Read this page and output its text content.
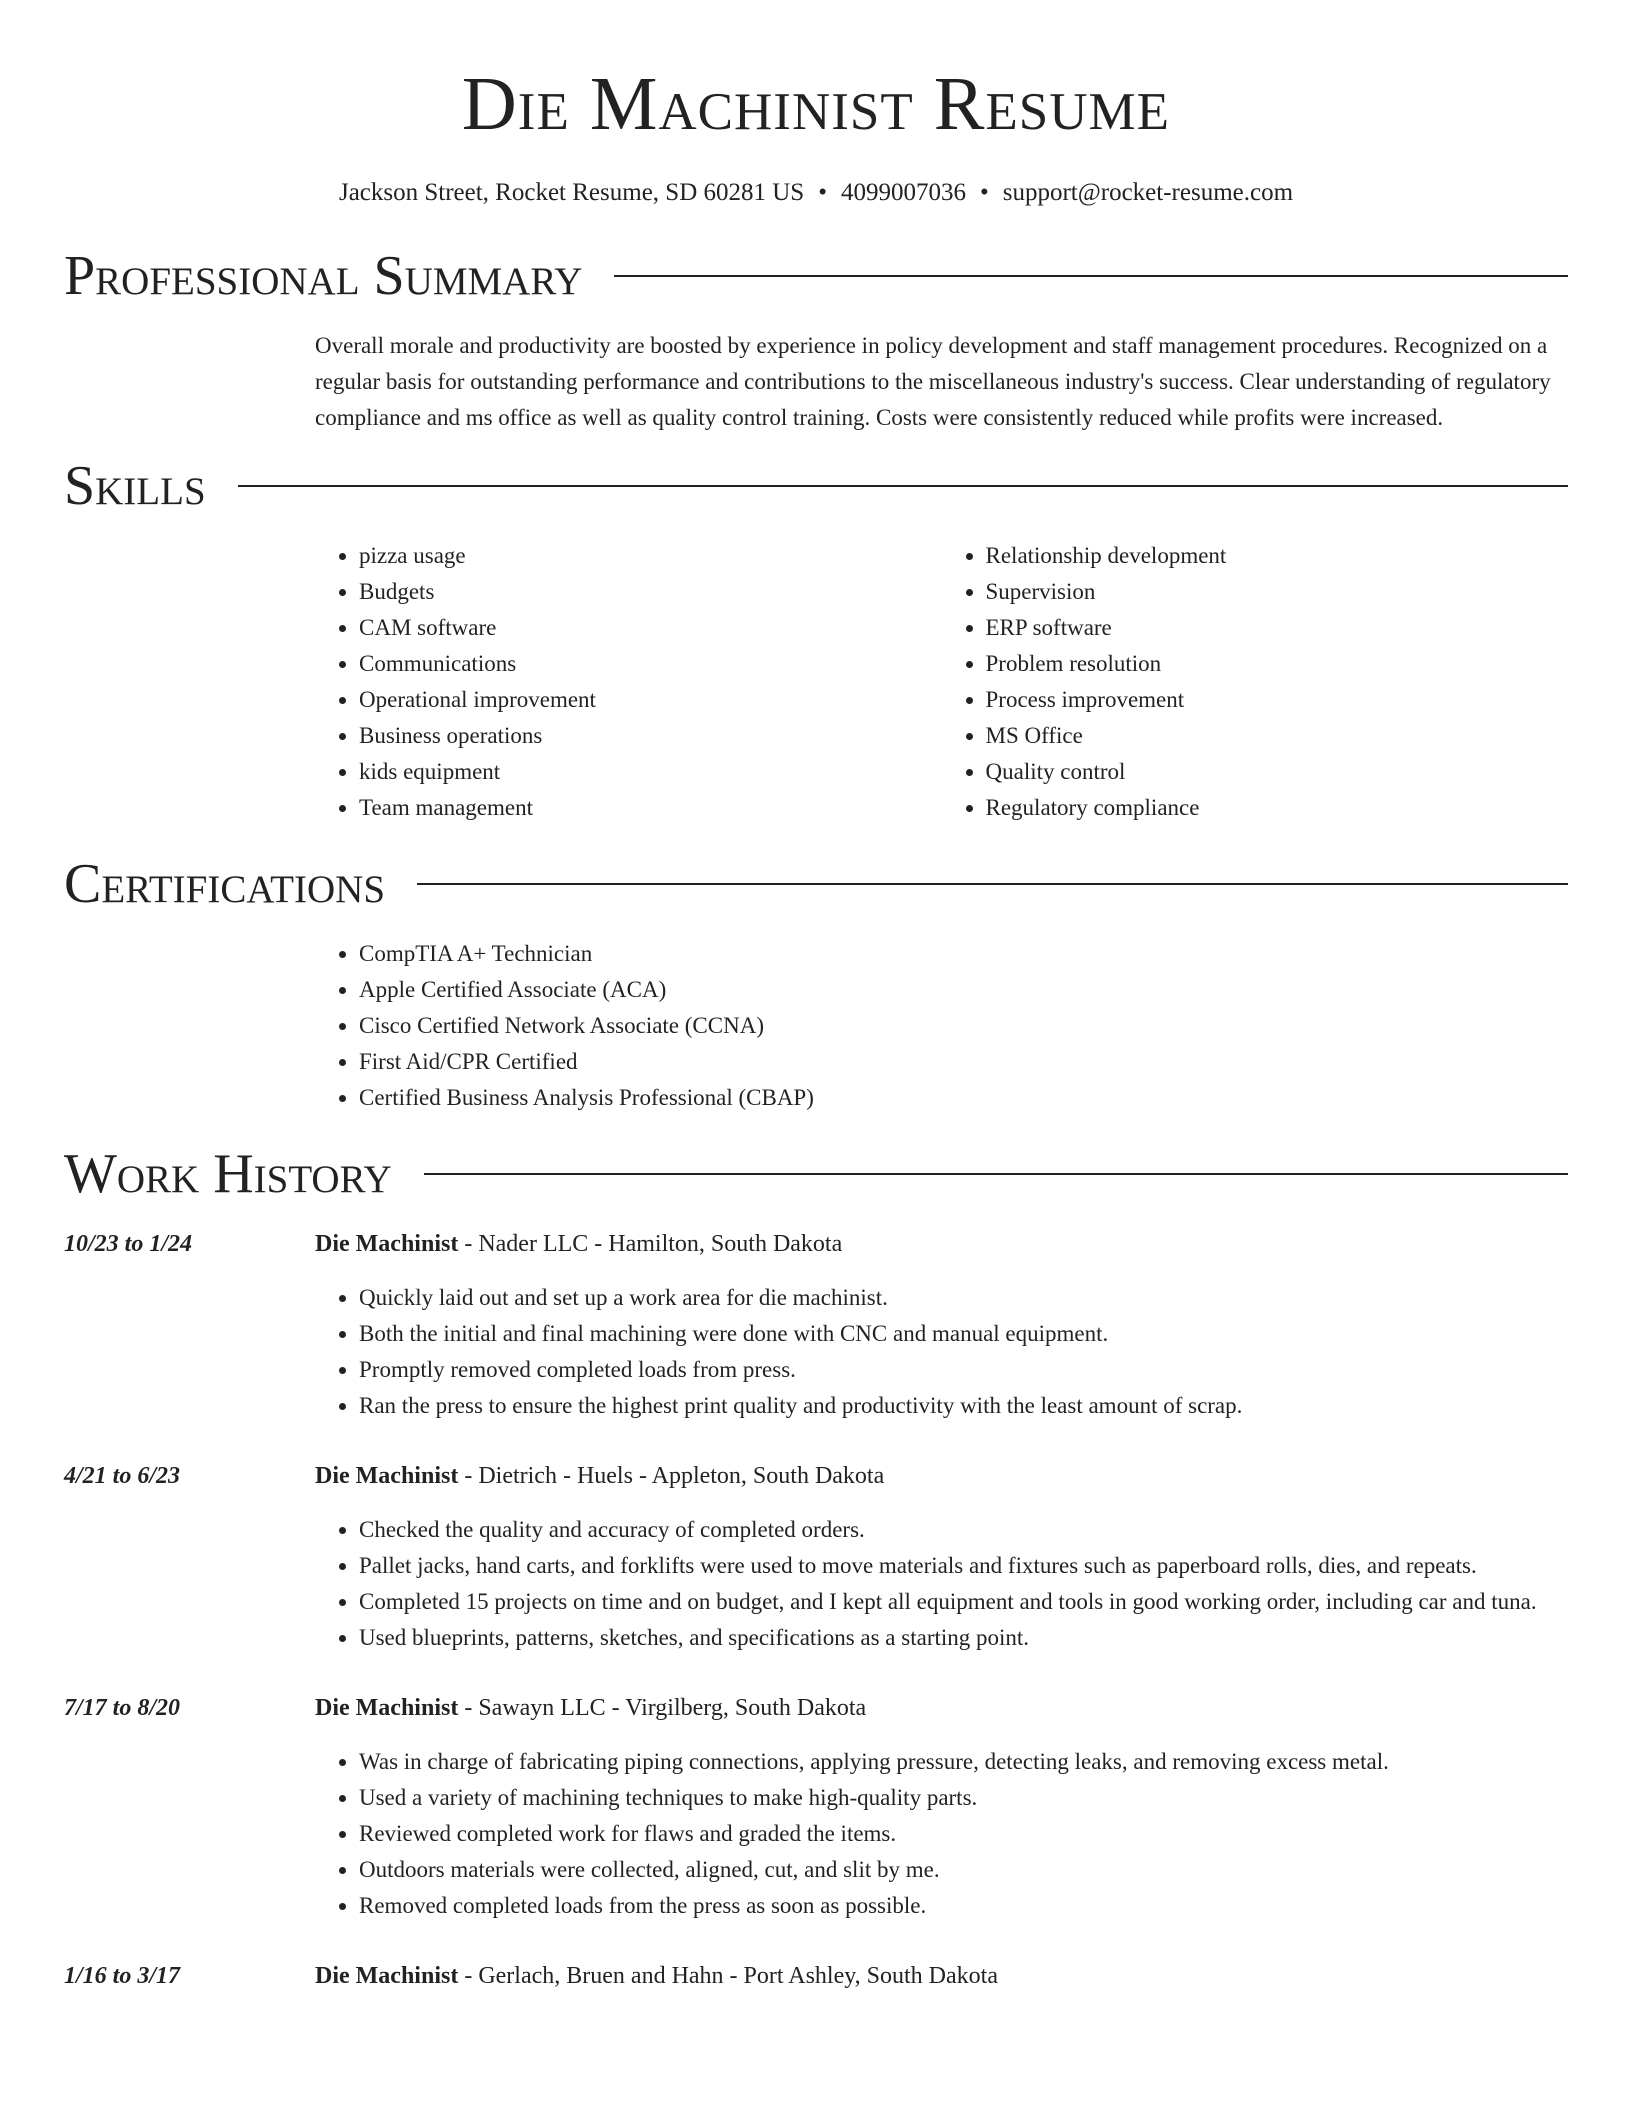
Die Machinist Resume
Jackson Street, Rocket Resume, SD 60281 US • 4099007036 • support@rocket-resume.com
Professional Summary
Overall morale and productivity are boosted by experience in policy development and staff management procedures. Recognized on a regular basis for outstanding performance and contributions to the miscellaneous industry's success. Clear understanding of regulatory compliance and ms office as well as quality control training. Costs were consistently reduced while profits were increased.
Skills
• pizza usage
• Budgets
• CAM software
• Communications
• Operational improvement
• Business operations
• kids equipment
• Team management
• Relationship development
• Supervision
• ERP software
• Problem resolution
• Process improvement
• MS Office
• Quality control
• Regulatory compliance
Certifications
• CompTIA A+ Technician
• Apple Certified Associate (ACA)
• Cisco Certified Network Associate (CCNA)
• First Aid/CPR Certified
• Certified Business Analysis Professional (CBAP)
Work History
10/23 to 1/24	Die Machinist - Nader LLC - Hamilton, South Dakota
• Quickly laid out and set up a work area for die machinist.
• Both the initial and final machining were done with CNC and manual equipment.
• Promptly removed completed loads from press.
• Ran the press to ensure the highest print quality and productivity with the least amount of scrap.
4/21 to 6/23	Die Machinist - Dietrich - Huels - Appleton, South Dakota
• Checked the quality and accuracy of completed orders.
• Pallet jacks, hand carts, and forklifts were used to move materials and fixtures such as paperboard rolls, dies, and repeats.
• Completed 15 projects on time and on budget, and I kept all equipment and tools in good working order, including car and tuna.
• Used blueprints, patterns, sketches, and specifications as a starting point.
7/17 to 8/20	Die Machinist - Sawayn LLC - Virgilberg, South Dakota
• Was in charge of fabricating piping connections, applying pressure, detecting leaks, and removing excess metal.
• Used a variety of machining techniques to make high-quality parts.
• Reviewed completed work for flaws and graded the items.
• Outdoors materials were collected, aligned, cut, and slit by me.
• Removed completed loads from the press as soon as possible.
1/16 to 3/17	Die Machinist - Gerlach, Bruen and Hahn - Port Ashley, South Dakota
